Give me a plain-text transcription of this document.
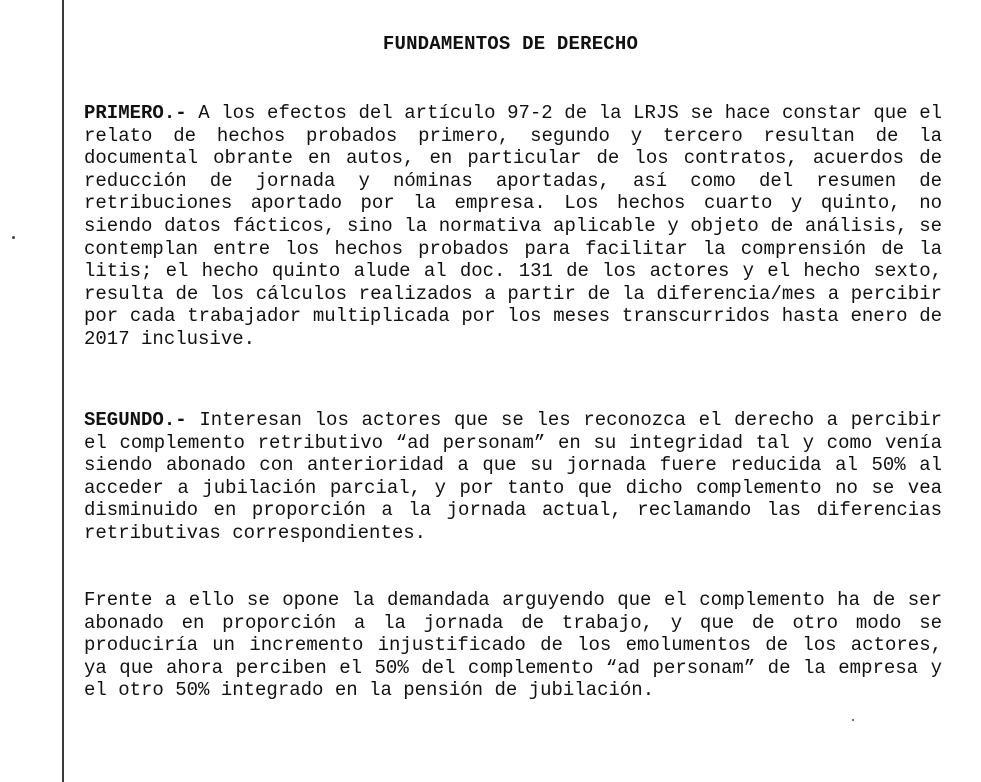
FUNDAMENTOS DE DERECHO
PRIMERO.- A los efectos del artículo 97-2 de la LRJS se hace constar que el relato de hechos probados primero, segundo y tercero resultan de la documental obrante en autos, en particular de los contratos, acuerdos de reducción de jornada y nóminas aportadas, así como del resumen de retribuciones aportado por la empresa. Los hechos cuarto y quinto, no siendo datos fácticos, sino la normativa aplicable y objeto de análisis, se contemplan entre los hechos probados para facilitar la comprensión de la litis; el hecho quinto alude al doc. 131 de los actores y el hecho sexto, resulta de los cálculos realizados a partir de la diferencia/mes a percibir por cada trabajador multiplicada por los meses transcurridos hasta enero de 2017 inclusive.
SEGUNDO.- Interesan los actores que se les reconozca el derecho a percibir el complemento retributivo “ad personam” en su integridad tal y como venía siendo abonado con anterioridad a que su jornada fuere reducida al 50% al acceder a jubilación parcial, y por tanto que dicho complemento no se vea disminuido en proporción a la jornada actual, reclamando las diferencias retributivas correspondientes.
Frente a ello se opone la demandada arguyendo que el complemento ha de ser abonado en proporción a la jornada de trabajo, y que de otro modo se produciría un incremento injustificado de los emolumentos de los actores, ya que ahora perciben el 50% del complemento “ad personam” de la empresa y el otro 50% integrado en la pensión de jubilación.
